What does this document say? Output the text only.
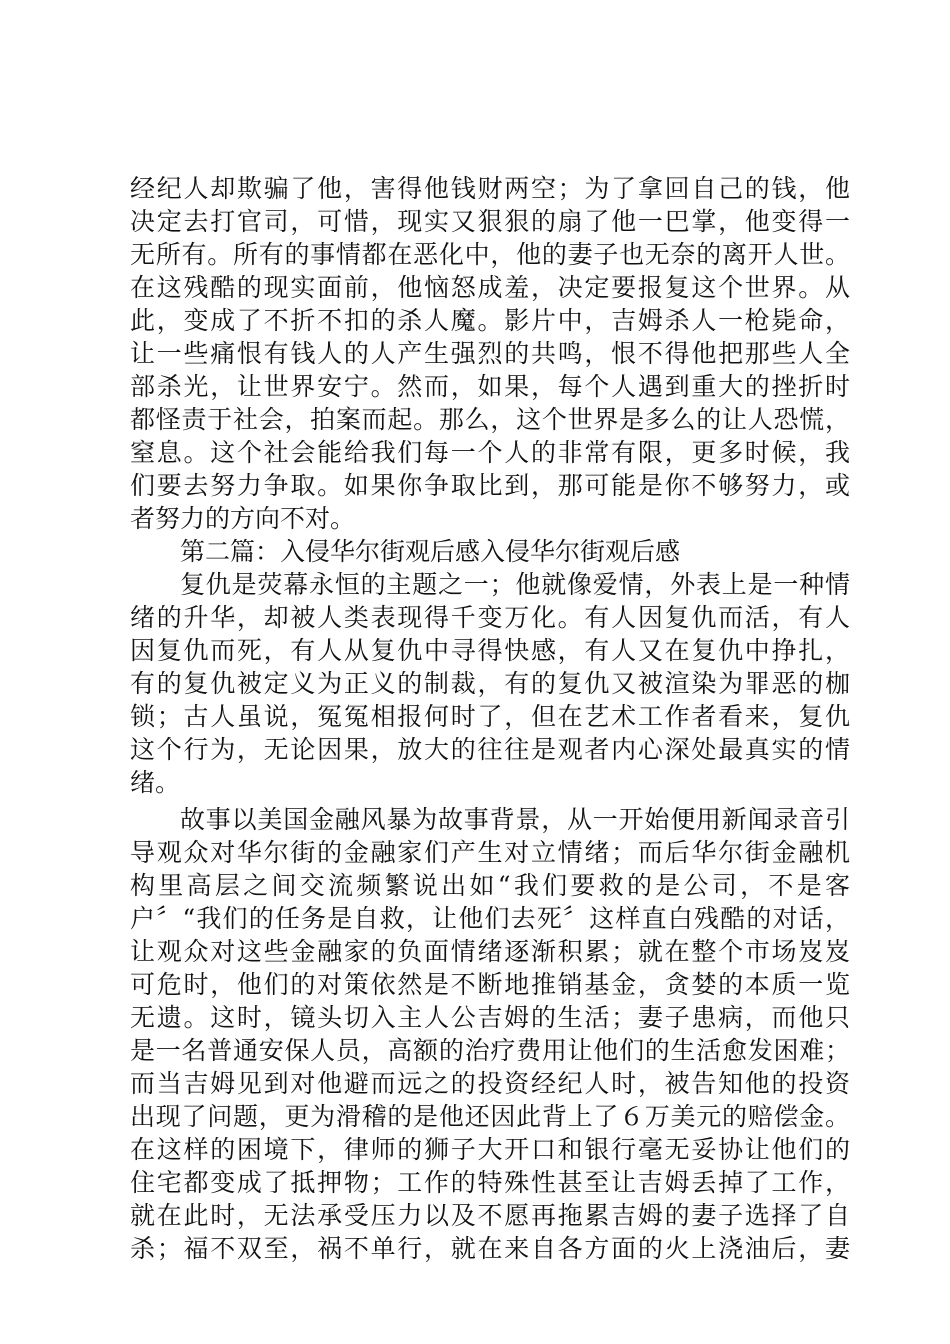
经纪人却欺骗了他，害得他钱财两空；为了拿回自己的钱，他
决定去打官司，可惜，现实又狠狠的扇了他一巴掌，他变得一
无所有。所有的事情都在恶化中，他的妻子也无奈的离开人世。
在这残酷的现实面前，他恼怒成羞，决定要报复这个世界。从
此，变成了不折不扣的杀人魔。影片中，吉姆杀人一枪毙命，
让一些痛恨有钱人的人产生强烈的共鸣，恨不得他把那些人全
部杀光，让世界安宁。然而，如果，每个人遇到重大的挫折时
都怪责于社会，拍案而起。那么，这个世界是多么的让人恐慌，
窒息。这个社会能给我们每一个人的非常有限，更多时候，我
们要去努力争取。如果你争取比到，那可能是你不够努力，或
者努力的方向不对。
第二篇：入侵华尔街观后感入侵华尔街观后感
复仇是荧幕永恒的主题之一；他就像爱情，外表上是一种情
绪的升华，却被人类表现得千变万化。有人因复仇而活，有人
因复仇而死，有人从复仇中寻得快感，有人又在复仇中挣扎，
有的复仇被定义为正义的制裁，有的复仇又被渲染为罪恶的枷
锁；古人虽说，冤冤相报何时了，但在艺术工作者看来，复仇
这个行为，无论因果，放大的往往是观者内心深处最真实的情
绪。
故事以美国金融风暴为故事背景，从一开始便用新闻录音引
导观众对华尔街的金融家们产生对立情绪；而后华尔街金融机
构里高层之间交流频繁说出如“我们要救的是公司，不是客
户〞“我们的任务是自救，让他们去死〞这样直白残酷的对话，
让观众对这些金融家的负面情绪逐渐积累；就在整个市场岌岌
可危时，他们的对策依然是不断地推销基金，贪婪的本质一览
无遗。这时，镜头切入主人公吉姆的生活；妻子患病，而他只
是一名普通安保人员，高额的治疗费用让他们的生活愈发困难；
而当吉姆见到对他避而远之的投资经纪人时，被告知他的投资
出现了问题，更为滑稽的是他还因此背上了６万美元的赔偿金。
在这样的困境下，律师的狮子大开口和银行毫无妥协让他们的
住宅都变成了抵押物；工作的特殊性甚至让吉姆丢掉了工作，
就在此时，无法承受压力以及不愿再拖累吉姆的妻子选择了自
杀；福不双至，祸不单行，就在来自各方面的火上浇油后，妻
